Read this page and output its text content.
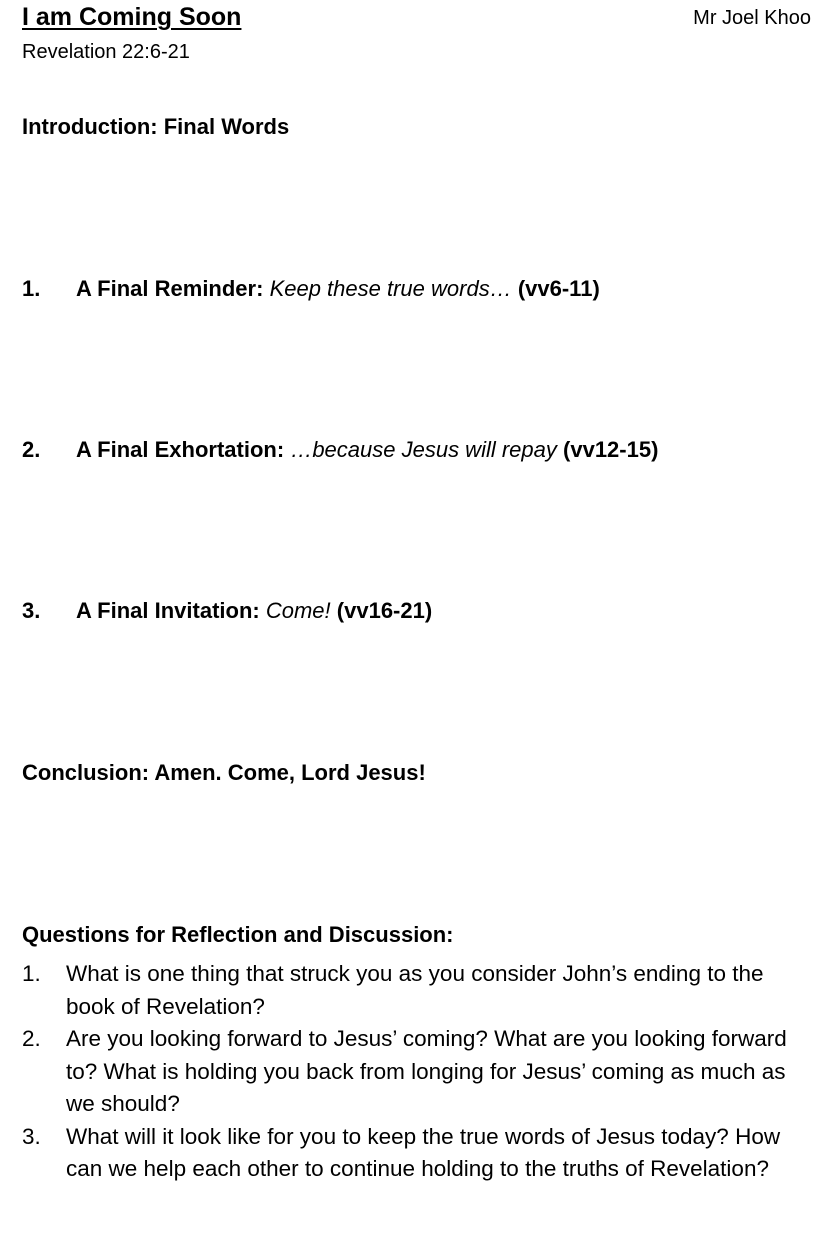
I am Coming Soon	Mr Joel Khoo
Revelation 22:6-21
Introduction: Final Words
1. A Final Reminder: Keep these true words… (vv6-11)
2. A Final Exhortation: …because Jesus will repay (vv12-15)
3. A Final Invitation: Come! (vv16-21)
Conclusion: Amen. Come, Lord Jesus!
Questions for Reflection and Discussion:
1. What is one thing that struck you as you consider John’s ending to the book of Revelation?
2. Are you looking forward to Jesus’ coming? What are you looking forward to? What is holding you back from longing for Jesus’ coming as much as we should?
3. What will it look like for you to keep the true words of Jesus today? How can we help each other to continue holding to the truths of Revelation?
